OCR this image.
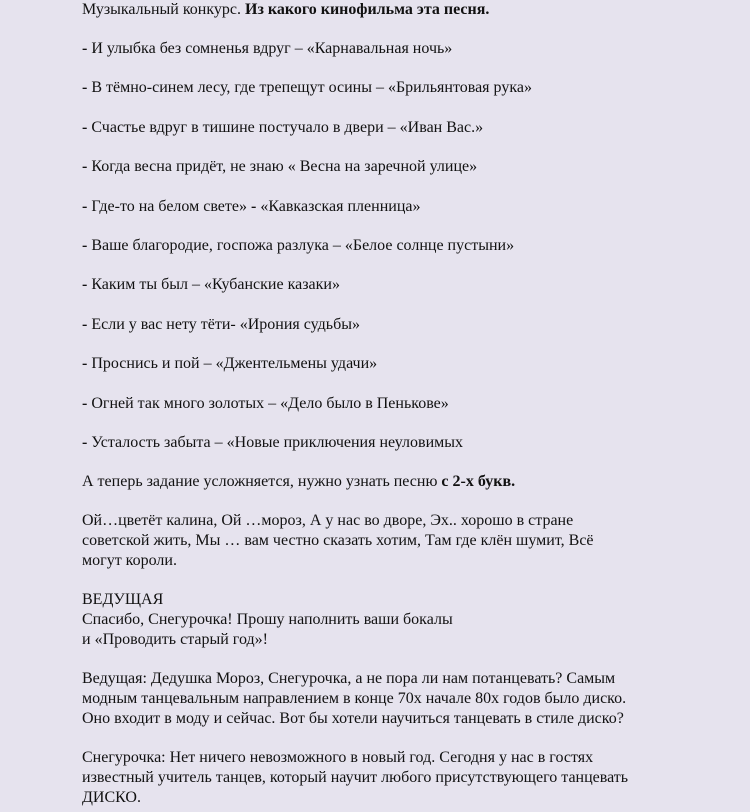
Музыкальный конкурс. Из какого кинофильма эта песня.
- И улыбка без сомненья вдруг – «Карнавальная ночь»
- В тёмно-синем лесу, где трепещут осины – «Брильянтовая рука»
- Счастье вдруг в тишине постучало в двери – «Иван Вас.»
- Когда весна придёт, не знаю « Весна на заречной улице»
- Где-то на белом свете» - «Кавказская пленница»
- Ваше благородие, госпожа разлука – «Белое солнце пустыни»
- Каким ты был – «Кубанские казаки»
- Если у вас нету тёти- «Ирония судьбы»
- Проснись и пой – «Джентельмены удачи»
- Огней так много золотых – «Дело было в Пенькове»
- Усталость забыта – «Новые приключения неуловимых
А теперь задание усложняется, нужно узнать песню с 2-х букв.
Ой…цветёт калина, Ой …мороз, А у нас во дворе, Эх.. хорошо в стране
советской жить, Мы … вам честно сказать хотим, Там где клён шумит, Всё
могут короли.
ВЕДУЩАЯ
Спасибо, Снегурочка! Прошу наполнить ваши бокалы
и «Проводить старый год»!
Ведущая: Дедушка Мороз, Снегурочка, а не пора ли нам потанцевать? Самым
модным танцевальным направлением в конце 70х начале 80х годов было диско.
Оно входит в моду и сейчас. Вот бы хотели научиться танцевать в стиле диско?
Снегурочка: Нет ничего невозможного в новый год. Сегодня у нас в гостях
известный учитель танцев, который научит любого присутствующего танцевать
ДИСКО.
